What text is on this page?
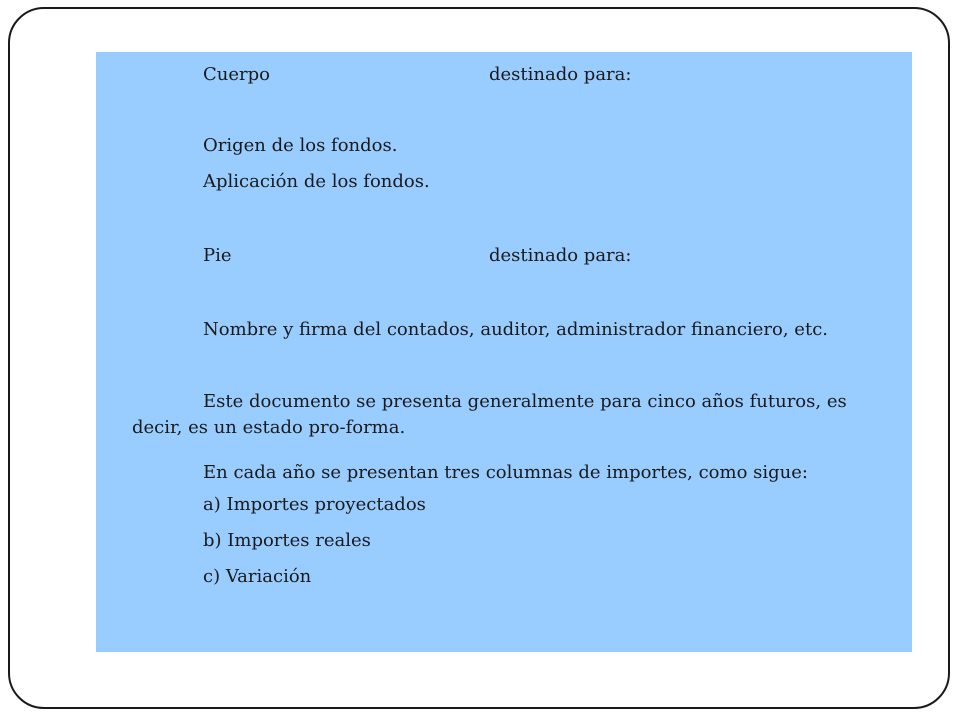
Cuerpo	destinado para:
Origen de los fondos.
Aplicación de los fondos.
Pie	destinado para:
Nombre y firma del contados, auditor, administrador financiero, etc.
Este documento se presenta generalmente para cinco años futuros, es decir, es un estado pro-forma.
En cada año se presentan tres columnas de importes, como sigue:
a) Importes proyectados
b) Importes reales
c) Variación
